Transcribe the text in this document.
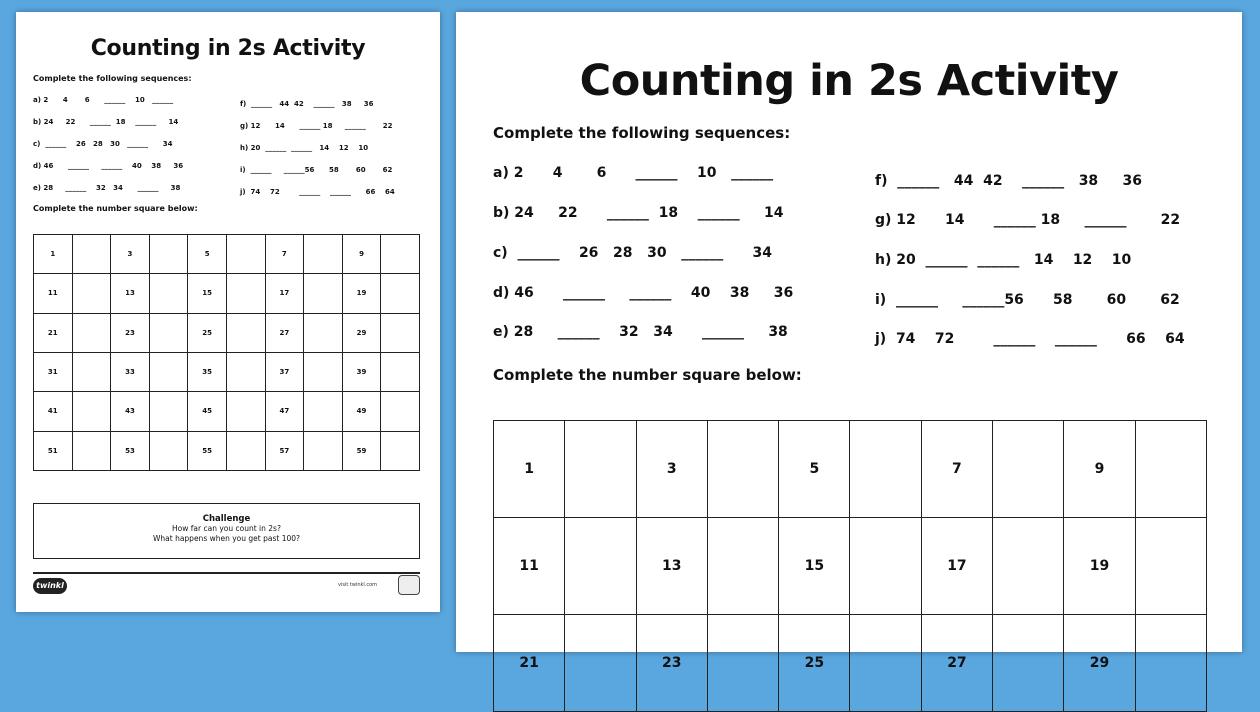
Counting in 2s Activity
Complete the following sequences:
a) 2      4       6      ______    10   ______
b) 24     22      ______  18    ______     14
c)  ______    26   28   30   ______      34
d) 46      ______     ______    40    38     36
e) 28     ______    32   34      ______     38
f)  ______   44  42    ______   38     36
g) 12      14      ______ 18     ______       22
h) 20  ______  ______   14    12    10
i)  ______     ______56      58       60       62
j)  74    72        ______    ______      66    64
Complete the number square below:
1		3		5		7		9	
11		13		15		17		19	
21		23		25		27		29	
31		33		35		37		39	
41		43		45		47		49	
51		53		55		57		59	
Challenge
How far can you count in 2s?
What happens when you get past 100?
twinkl	visit twinkl.com
Counting in 2s Activity
Complete the following sequences:
a) 2      4       6      ______    10   ______
b) 24     22      ______  18    ______     14
c)  ______    26   28   30   ______      34
d) 46      ______     ______    40    38     36
e) 28     ______    32   34      ______     38
f)  ______   44  42    ______   38     36
g) 12      14      ______ 18     ______       22
h) 20  ______  ______   14    12    10
i)  ______     ______56      58       60       62
j)  74    72        ______    ______      66    64
Complete the number square below:
1		3		5		7		9	
11		13		15		17		19	
21		23		25		27		29	
